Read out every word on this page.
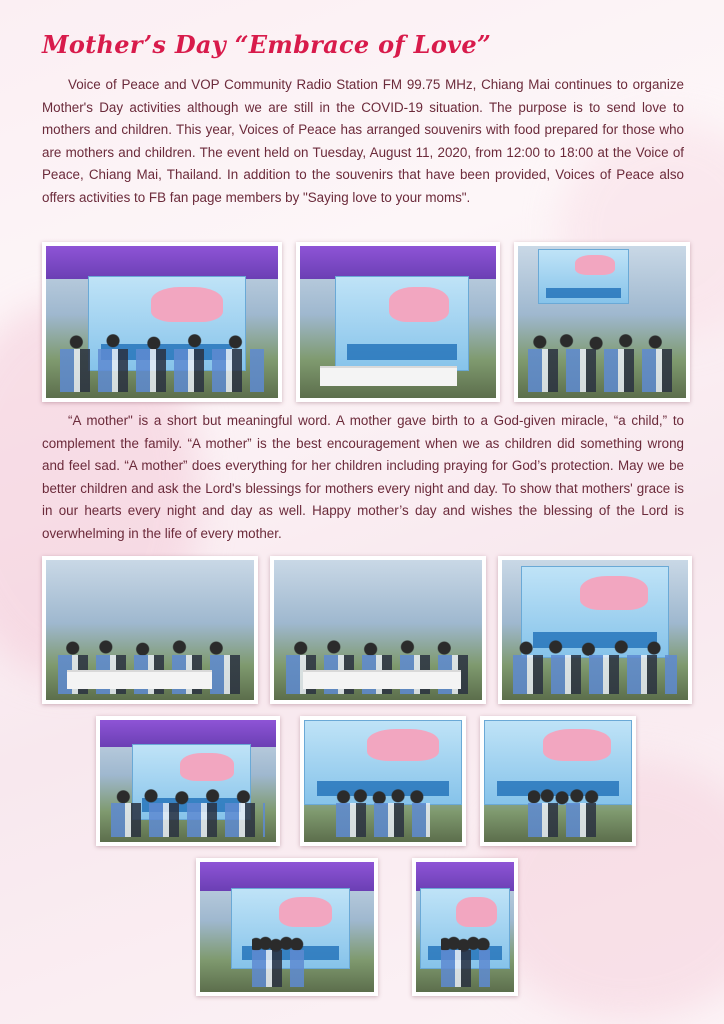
Mother’s Day “Embrace of Love”

Voice of Peace and VOP Community Radio Station FM 99.75 MHz, Chiang Mai continues to organize Mother's Day activities although we are still in the COVID-19 situation. The purpose is to send love to mothers and children. This year, Voices of Peace has arranged souvenirs with food prepared for those who are mothers and children. The event held on Tuesday, August 11, 2020, from 12:00 to 18:00 at the Voice of Peace, Chiang Mai, Thailand. In addition to the souvenirs that have been provided, Voices of Peace also offers activities to FB fan page members by "Saying love to your moms".

“A mother" is a short but meaningful word. A mother gave birth to a God-given miracle, “a child,” to complement the family. “A mother” is the best encouragement when we as children did something wrong and feel sad. “A mother” does everything for her children including praying for God’s protection. May we be better children and ask the Lord's blessings for mothers every night and day. To show that mothers' grace is in our hearts every night and day as well. Happy mother’s day and wishes the blessing of the Lord is overwhelming in the life of every mother.
